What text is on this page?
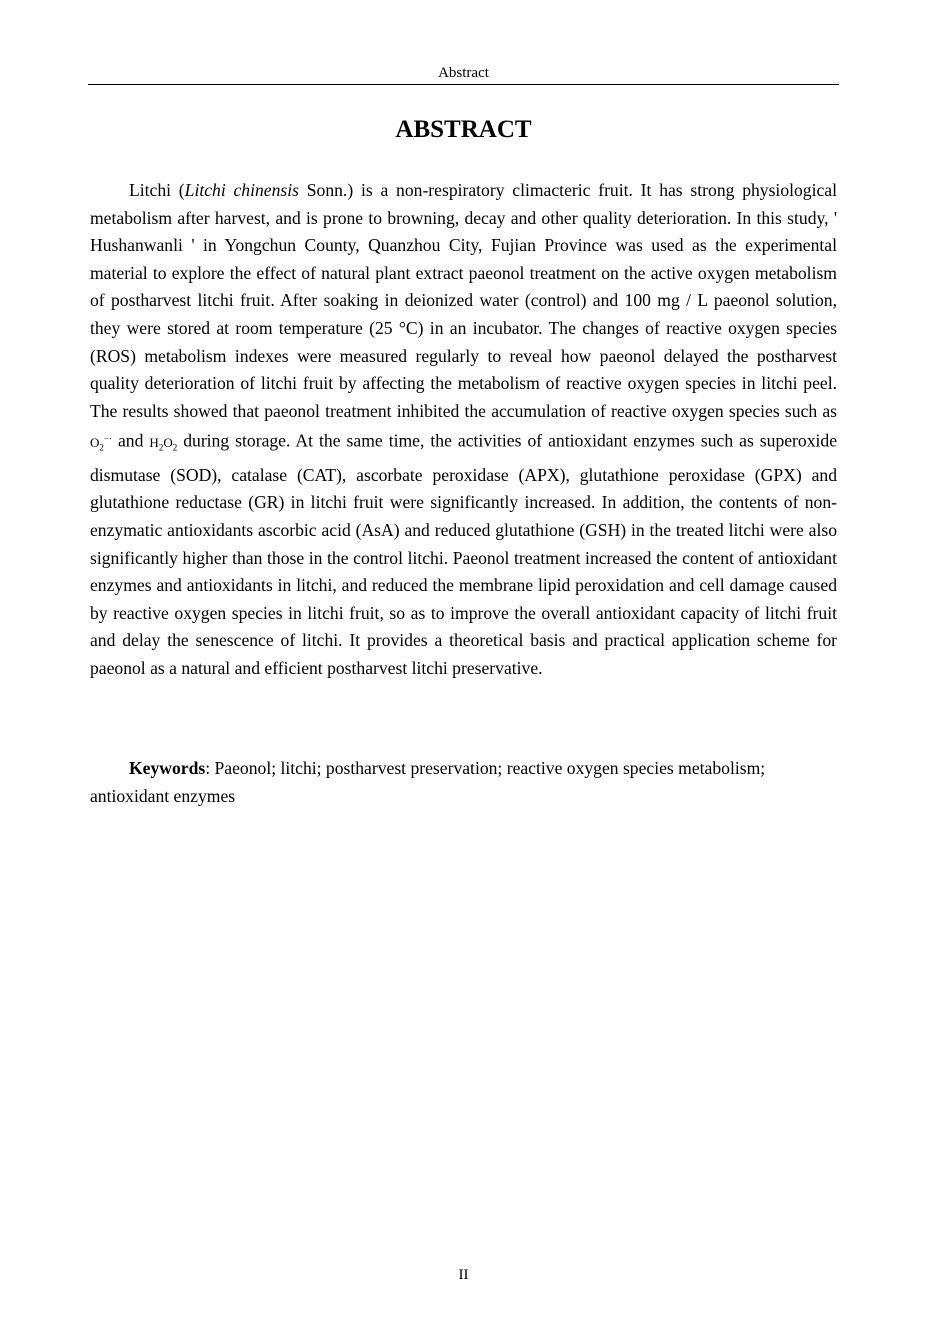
Abstract
ABSTRACT

Litchi (Litchi chinensis Sonn.) is a non-respiratory climacteric fruit. It has strong physiological metabolism after harvest, and is prone to browning, decay and other quality deterioration. In this study, ' Hushanwanli ' in Yongchun County, Quanzhou City, Fujian Province was used as the experimental material to explore the effect of natural plant extract paeonol treatment on the active oxygen metabolism of postharvest litchi fruit. After soaking in deionized water (control) and 100 mg / L paeonol solution, they were stored at room temperature (25 °C) in an incubator. The changes of reactive oxygen species (ROS) metabolism indexes were measured regularly to reveal how paeonol delayed the postharvest quality deterioration of litchi fruit by affecting the metabolism of reactive oxygen species in litchi peel. The results showed that paeonol treatment inhibited the accumulation of reactive oxygen species such as $O_2^{-\cdot}$ and $H_2O_2$ during storage. At the same time, the activities of antioxidant enzymes such as superoxide dismutase (SOD), catalase (CAT), ascorbate peroxidase (APX), glutathione peroxidase (GPX) and glutathione reductase (GR) in litchi fruit were significantly increased. In addition, the contents of non-enzymatic antioxidants ascorbic acid (AsA) and reduced glutathione (GSH) in the treated litchi were also significantly higher than those in the control litchi. Paeonol treatment increased the content of antioxidant enzymes and antioxidants in litchi, and reduced the membrane lipid peroxidation and cell damage caused by reactive oxygen species in litchi fruit, so as to improve the overall antioxidant capacity of litchi fruit and delay the senescence of litchi. It provides a theoretical basis and practical application scheme for paeonol as a natural and efficient postharvest litchi preservative.

Keywords: Paeonol; litchi; postharvest preservation; reactive oxygen species metabolism; antioxidant enzymes

II
